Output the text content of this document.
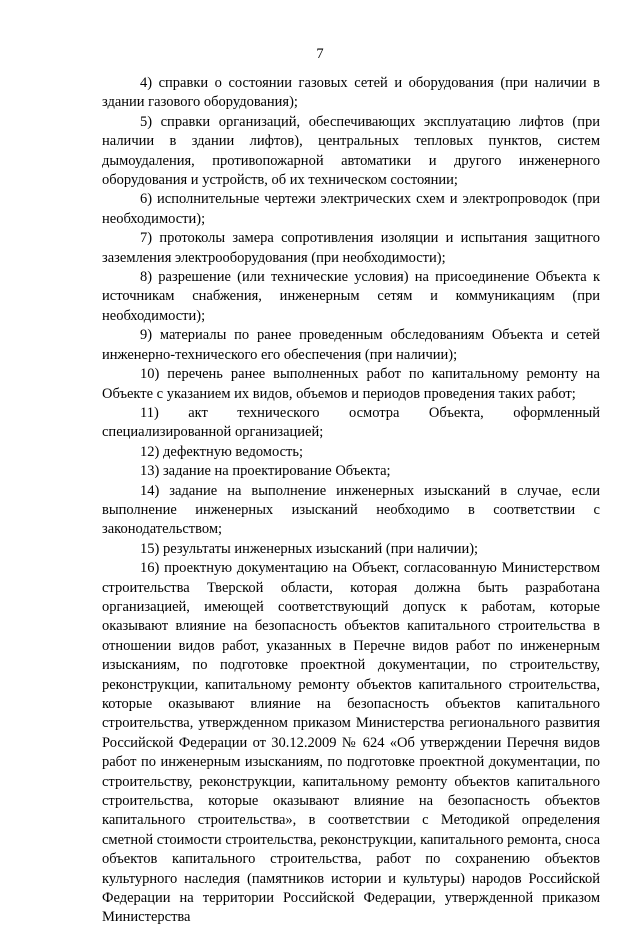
7

4) справки о состоянии газовых сетей и оборудования (при наличии в здании газового оборудования);

5) справки организаций, обеспечивающих эксплуатацию лифтов (при наличии в здании лифтов), центральных тепловых пунктов, систем дымоудаления, противопожарной автоматики и другого инженерного оборудования и устройств, об их техническом состоянии;

6) исполнительные чертежи электрических схем и электропроводок (при необходимости);

7) протоколы замера сопротивления изоляции и испытания защитного заземления электрооборудования (при необходимости);

8) разрешение (или технические условия) на присоединение Объекта к источникам снабжения, инженерным сетям и коммуникациям (при необходимости);

9) материалы по ранее проведенным обследованиям Объекта и сетей инженерно-технического его обеспечения (при наличии);

10) перечень ранее выполненных работ по капитальному ремонту на Объекте с указанием их видов, объемов и периодов проведения таких работ;

11) акт технического осмотра Объекта, оформленный специализированной организацией;

12) дефектную ведомость;

13) задание на проектирование Объекта;

14) задание на выполнение инженерных изысканий в случае, если выполнение инженерных изысканий необходимо в соответствии с законодательством;

15) результаты инженерных изысканий (при наличии);

16) проектную документацию на Объект, согласованную Министерством строительства Тверской области, которая должна быть разработана организацией, имеющей соответствующий допуск к работам, которые оказывают влияние на безопасность объектов капитального строительства в отношении видов работ, указанных в Перечне видов работ по инженерным изысканиям, по подготовке проектной документации, по строительству, реконструкции, капитальному ремонту объектов капитального строительства, которые оказывают влияние на безопасность объектов капитального строительства, утвержденном приказом Министерства регионального развития Российской Федерации от 30.12.2009 № 624 «Об утверждении Перечня видов работ по инженерным изысканиям, по подготовке проектной документации, по строительству, реконструкции, капитальному ремонту объектов капитального строительства, которые оказывают влияние на безопасность объектов капитального строительства», в соответствии с Методикой определения сметной стоимости строительства, реконструкции, капитального ремонта, сноса объектов капитального строительства, работ по сохранению объектов культурного наследия (памятников истории и культуры) народов Российской Федерации на территории Российской Федерации, утвержденной приказом Министерства
